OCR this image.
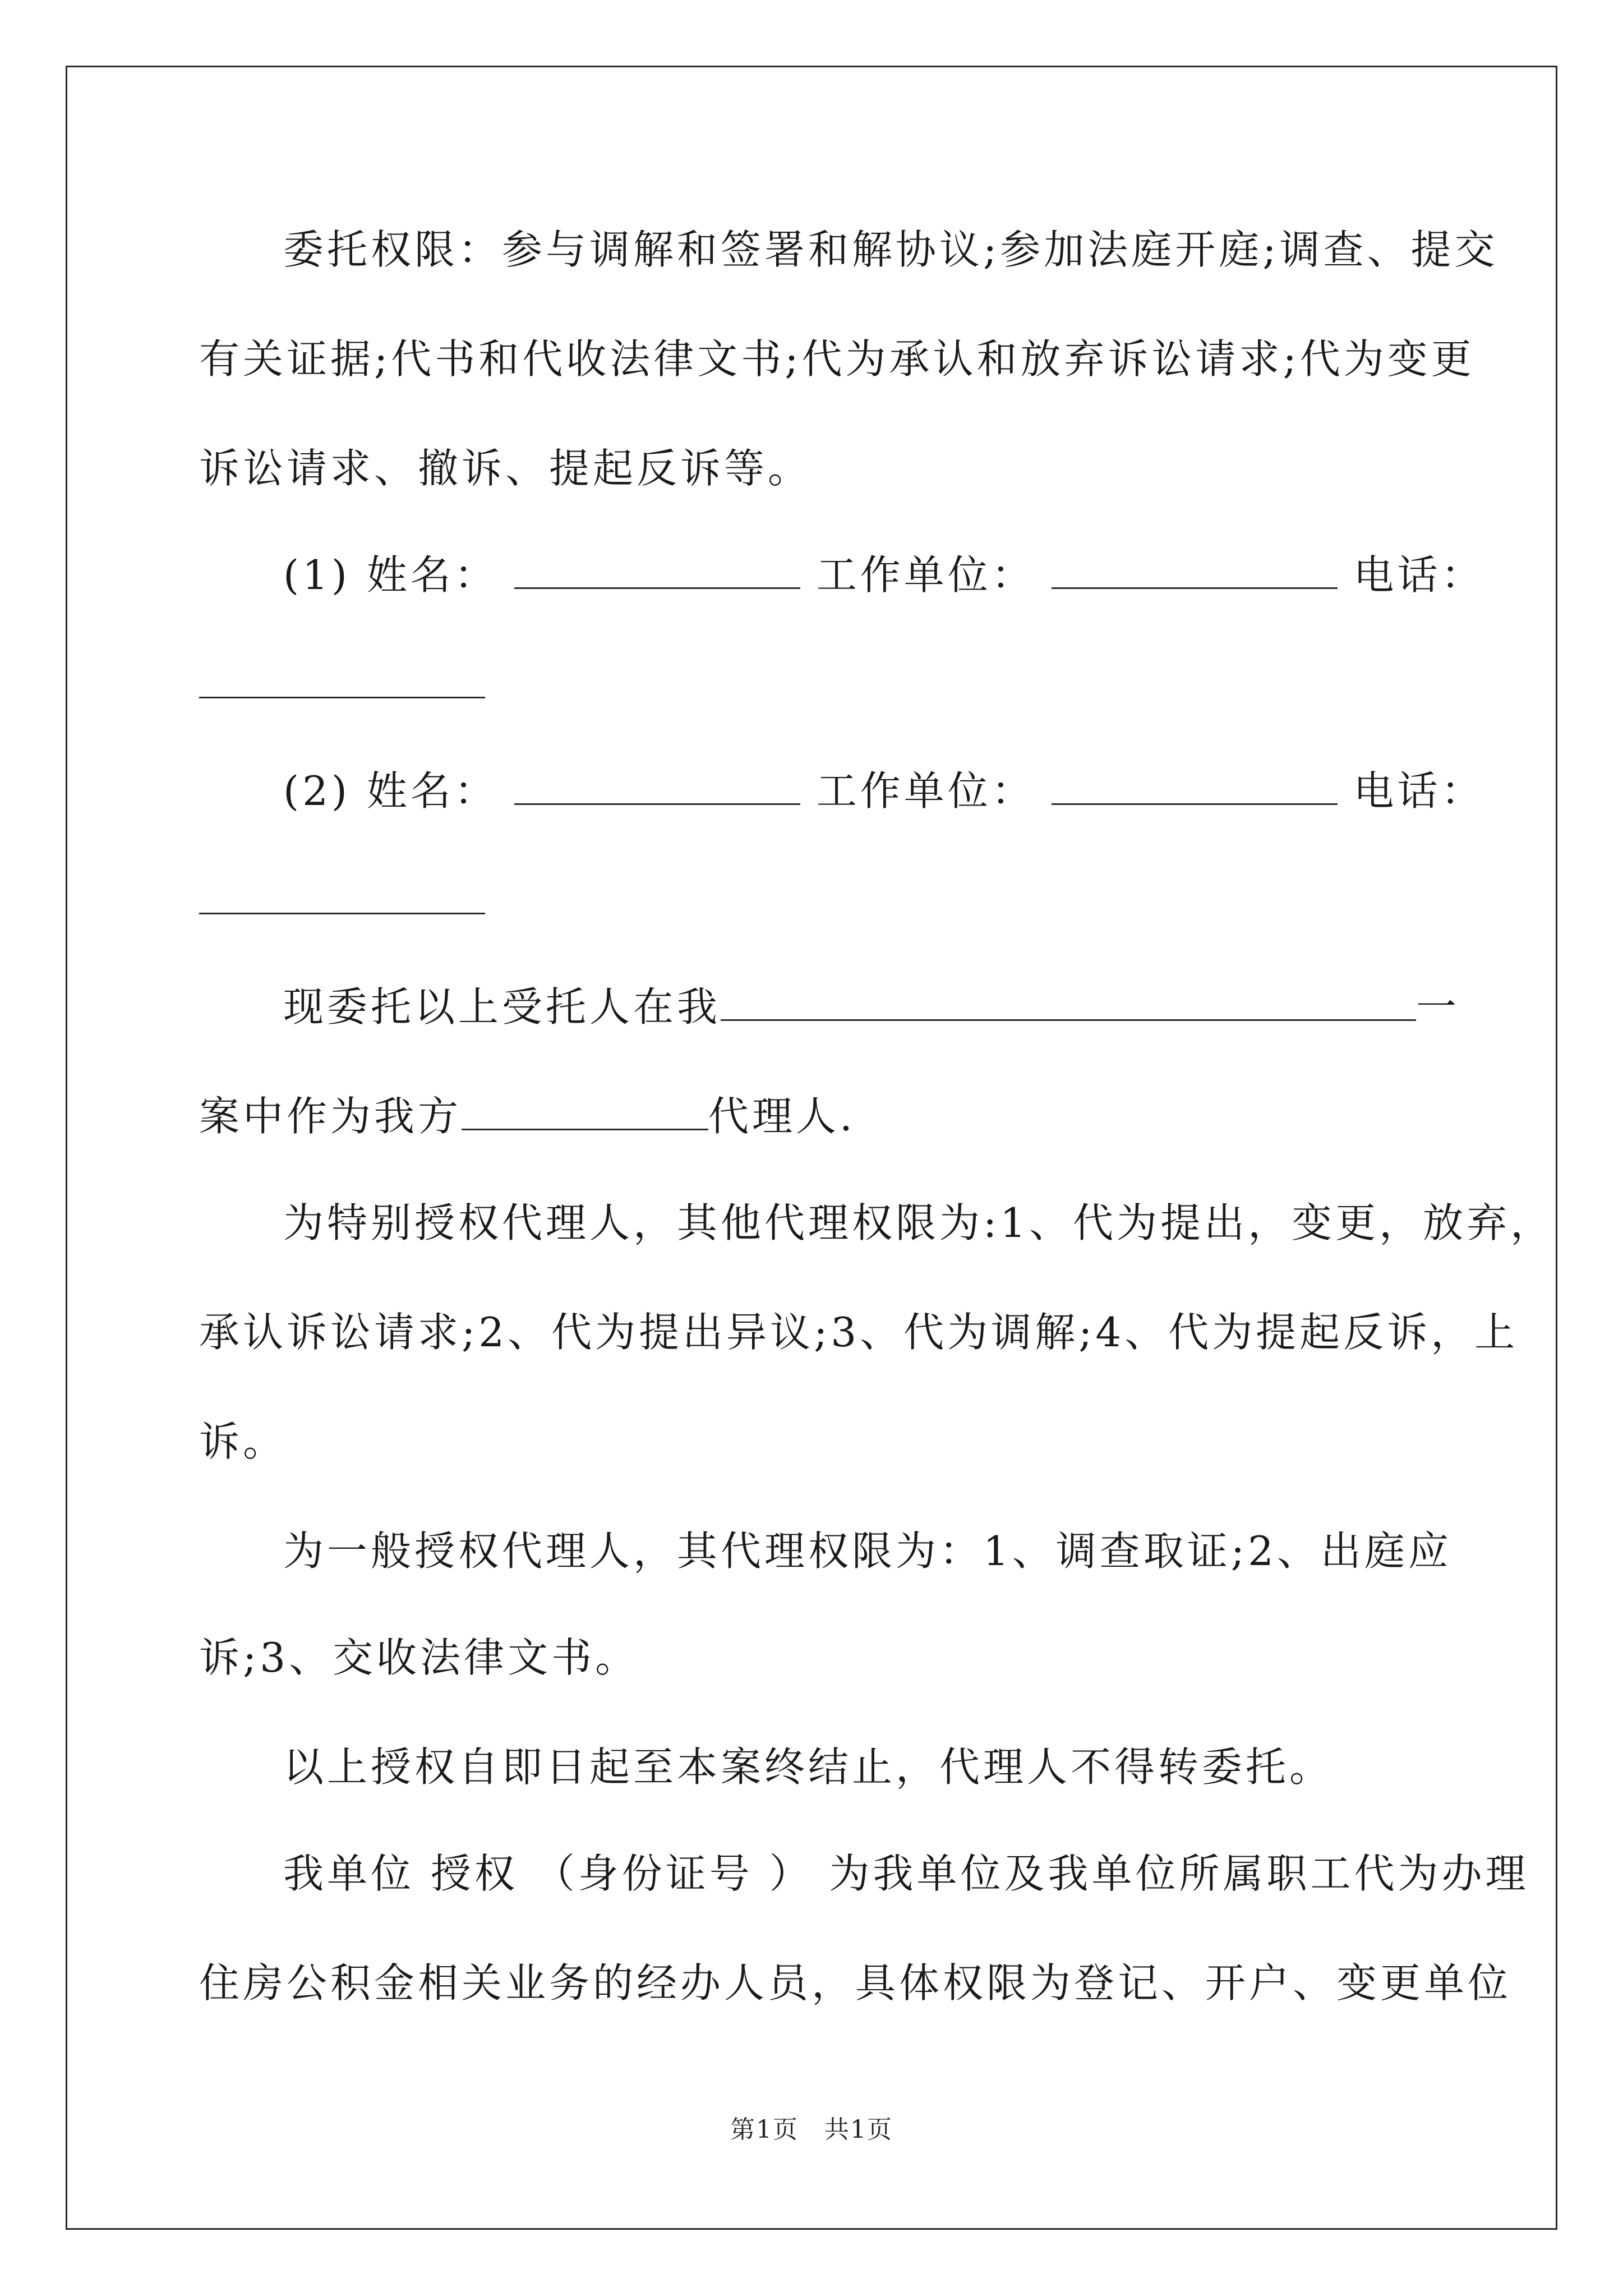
委托权限：参与调解和签署和解协议;参加法庭开庭;调查、提交
有关证据;代书和代收法律文书;代为承认和放弃诉讼请求;代为变更
诉讼请求、撤诉、提起反诉等。
(1) 姓名：	工作单位：	电话：
(2) 姓名：	工作单位：	电话：
现委托以上受托人在我	一
案中作为我方	代理人.
为特别授权代理人，其他代理权限为:1、代为提出，变更，放弃，
承认诉讼请求;2、代为提出异议;3、代为调解;4、代为提起反诉，上
诉。
为一般授权代理人，其代理权限为：1、调查取证;2、出庭应
诉;3、交收法律文书。
以上授权自即日起至本案终结止，代理人不得转委托。
我单位 授权 （身份证号 ） 为我单位及我单位所属职工代为办理
住房公积金相关业务的经办人员，具体权限为登记、开户、变更单位
第1页　共1页
